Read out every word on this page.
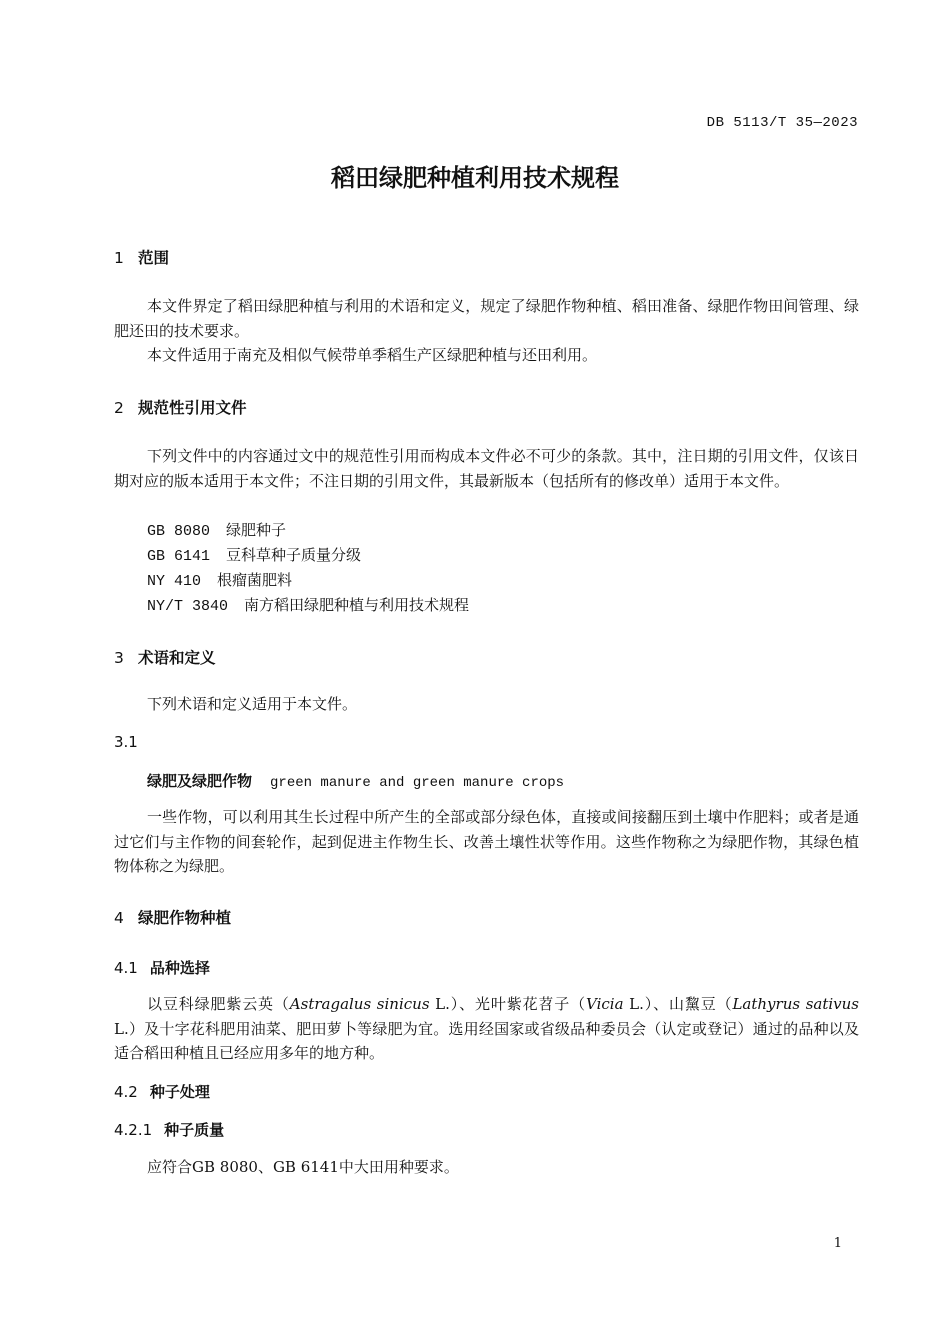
DB 5113/T 35—2023
稻田绿肥种植利用技术规程
1 范围
本文件界定了稻田绿肥种植与利用的术语和定义，规定了绿肥作物种植、稻田准备、绿肥作物田间管理、绿肥还田的技术要求。
本文件适用于南充及相似气候带单季稻生产区绿肥种植与还田利用。
2 规范性引用文件
下列文件中的内容通过文中的规范性引用而构成本文件必不可少的条款。其中，注日期的引用文件，仅该日期对应的版本适用于本文件；不注日期的引用文件，其最新版本（包括所有的修改单）适用于本文件。
GB 8080 绿肥种子
GB 6141 豆科草种子质量分级
NY 410 根瘤菌肥料
NY/T 3840 南方稻田绿肥种植与利用技术规程
3 术语和定义
下列术语和定义适用于本文件。
3.1
绿肥及绿肥作物 green manure and green manure crops
一些作物，可以利用其生长过程中所产生的全部或部分绿色体，直接或间接翻压到土壤中作肥料；或者是通过它们与主作物的间套轮作，起到促进主作物生长、改善土壤性状等作用。这些作物称之为绿肥作物，其绿色植物体称之为绿肥。
4 绿肥作物种植
4.1 品种选择
以豆科绿肥紫云英（Astragalus sinicus L.）、光叶紫花苕子（Vicia L.）、山黧豆（Lathyrus sativus L.）及十字花科肥用油菜、肥田萝卜等绿肥为宜。选用经国家或省级品种委员会（认定或登记）通过的品种以及适合稻田种植且已经应用多年的地方种。
4.2 种子处理
4.2.1 种子质量
应符合GB 8080、GB 6141中大田用种要求。
1
